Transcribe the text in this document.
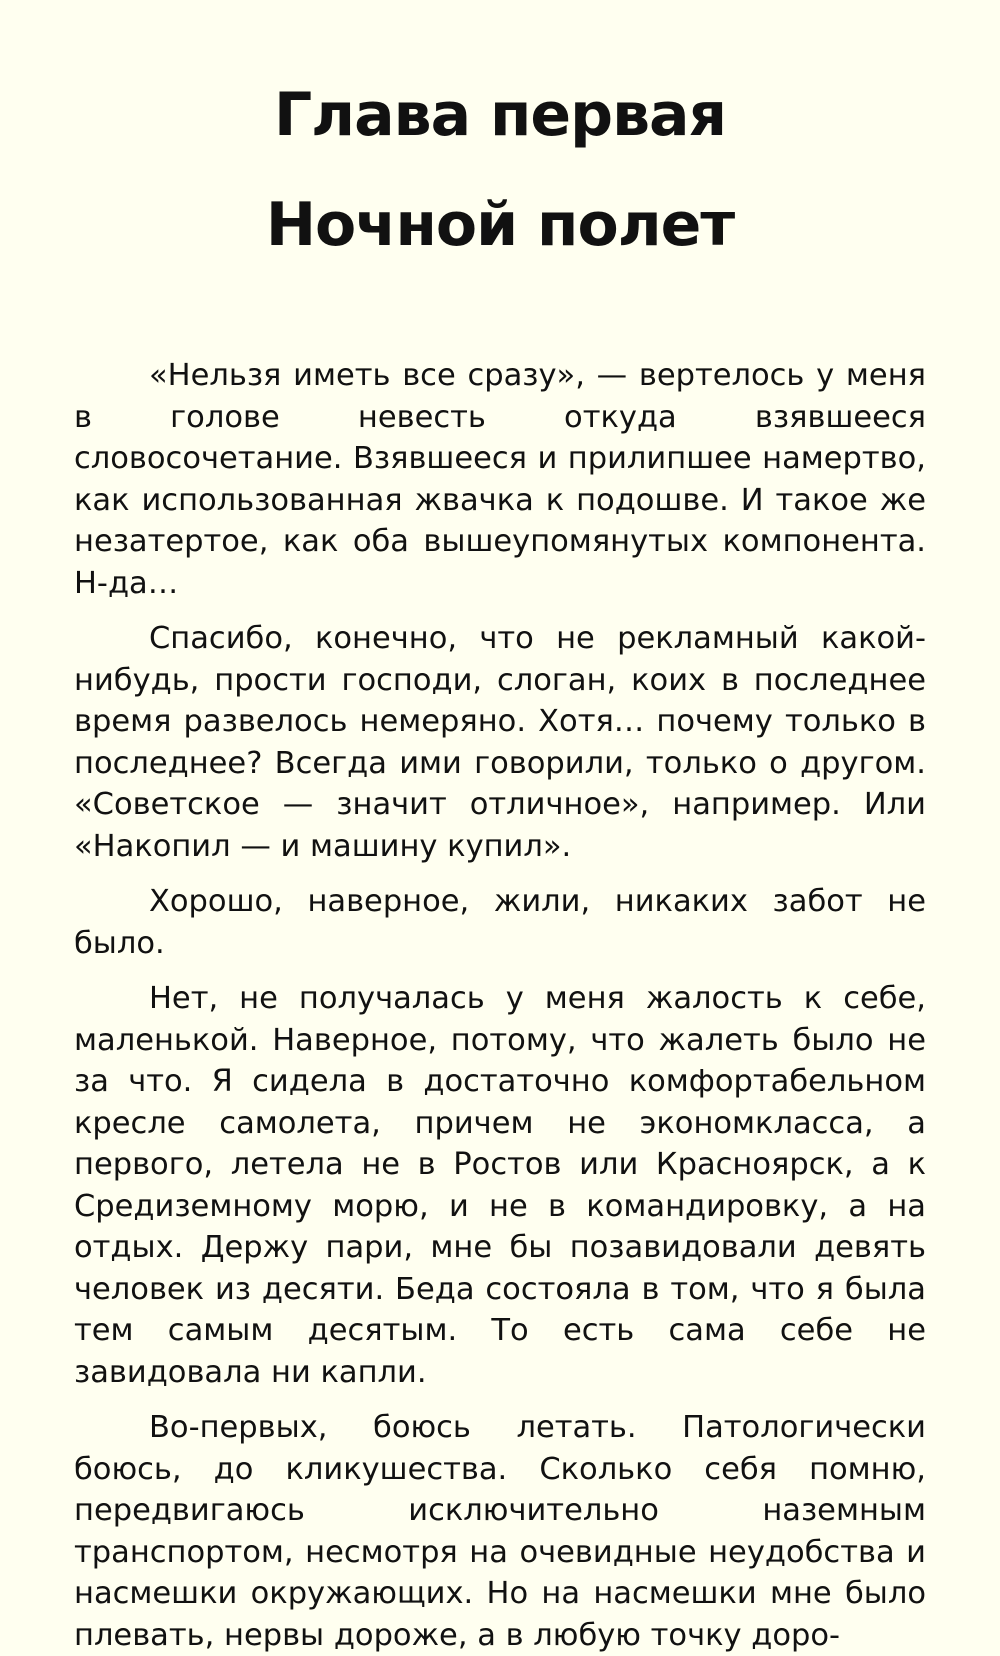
Глава первая
Ночной полет

«Нельзя иметь все сразу», — вертелось у меня в голове невесть откуда взявшееся словосочетание. Взявшееся и прилипшее намертво, как использованная жвачка к подошве. И такое же незатертое, как оба вышеупомянутых компонента. Н-да…

Спасибо, конечно, что не рекламный какой-нибудь, прости господи, слоган, коих в последнее время развелось немеряно. Хотя… почему только в последнее? Всегда ими говорили, только о другом. «Советское — значит отличное», например. Или «Накопил — и машину купил».

Хорошо, наверное, жили, никаких забот не было.

Нет, не получалась у меня жалость к себе, маленькой. Наверное, потому, что жалеть было не за что. Я сидела в достаточно комфортабельном кресле самолета, причем не экономкласса, а первого, летела не в Ростов или Красноярск, а к Средиземному морю, и не в командировку, а на отдых. Держу пари, мне бы позавидовали девять человек из десяти. Беда состояла в том, что я была тем самым десятым. То есть сама себе не завидовала ни капли.

Во-первых, боюсь летать. Патологически боюсь, до кликушества. Сколько себя помню, передвигаюсь исключительно наземным транспортом, несмотря на очевидные неудобства и насмешки окружающих. Но на насмешки мне было плевать, нервы дороже, а в любую точку доро-
